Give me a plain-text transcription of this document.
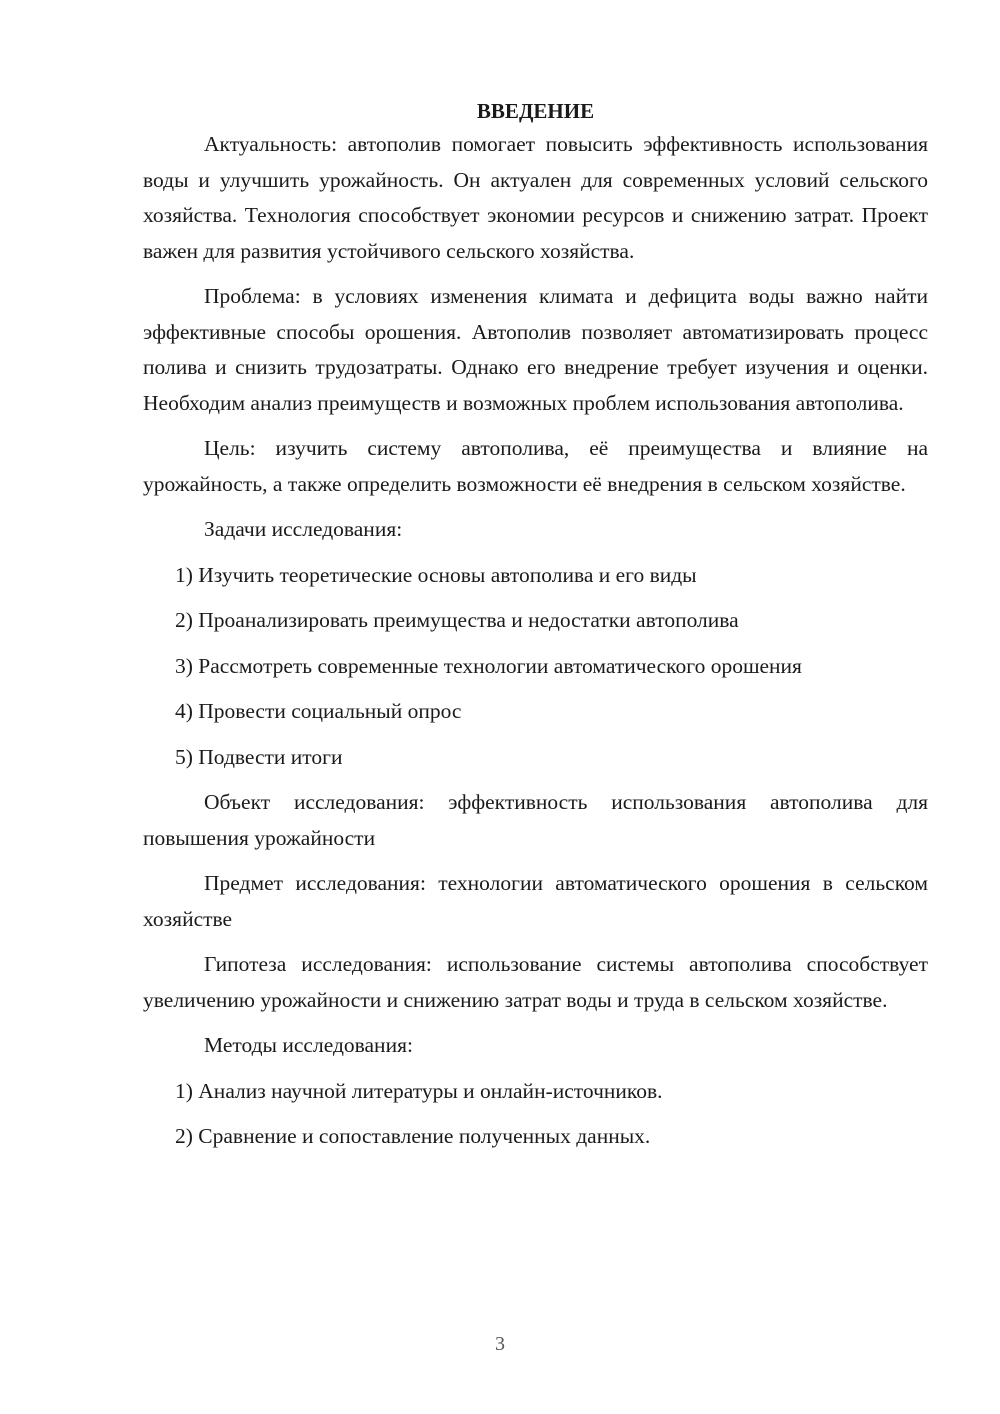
ВВЕДЕНИЕ

Актуальность: автополив помогает повысить эффективность использования воды и улучшить урожайность. Он актуален для современных условий сельского хозяйства. Технология способствует экономии ресурсов и снижению затрат. Проект важен для развития устойчивого сельского хозяйства.

Проблема: в условиях изменения климата и дефицита воды важно найти эффективные способы орошения. Автополив позволяет автоматизировать процесс полива и снизить трудозатраты. Однако его внедрение требует изучения и оценки. Необходим анализ преимуществ и возможных проблем использования автополива.

Цель: изучить систему автополива, её преимущества и влияние на урожайность, а также определить возможности её внедрения в сельском хозяйстве.

Задачи исследования:

1) Изучить теоретические основы автополива и его виды

2) Проанализировать преимущества и недостатки автополива

3) Рассмотреть современные технологии автоматического орошения

4) Провести социальный опрос

5) Подвести итоги

Объект исследования: эффективность использования автополива для повышения урожайности

Предмет исследования: технологии автоматического орошения в сельском хозяйстве

Гипотеза исследования: использование системы автополива способствует увеличению урожайности и снижению затрат воды и труда в сельском хозяйстве.

Методы исследования:

1) Анализ научной литературы и онлайн-источников.

2) Сравнение и сопоставление полученных данных.

3
